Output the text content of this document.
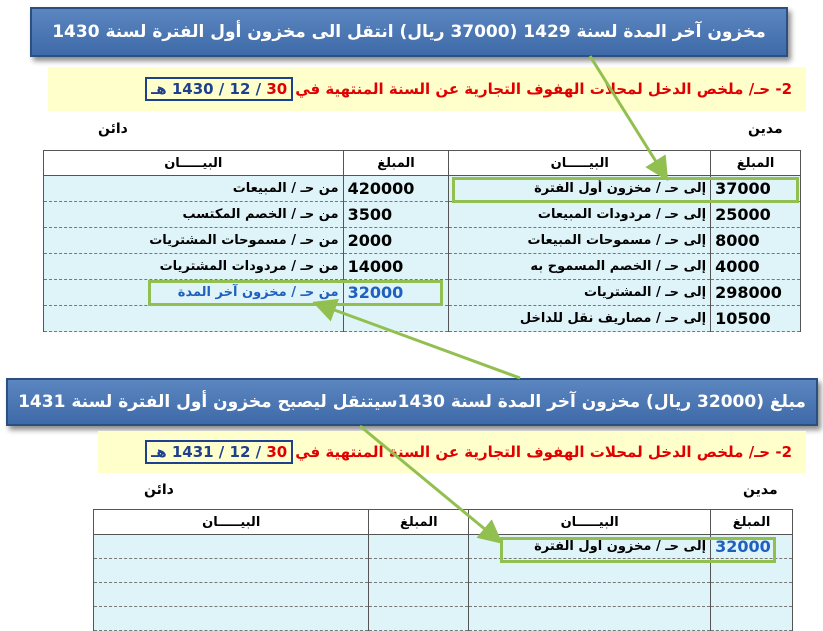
مخزون آخر المدة لسنة 1429 (37000 ريال) انتقل الى مخزون أول الفترة لسنة 1430
2- حـ/ ملخص الدخل لمحلات الهفوف التجارية عن السنة المنتهية في
30 / 12 / 1430 هـ
مدين
دائن
المبلغ	البيـــــان	المبلغ	البيـــــان
37000	إلى حـ / مخزون أول الفترة	420000	من حـ / المبيعات
25000	إلى حـ / مردودات المبيعات	3500	من حـ / الخصم المكتسب
8000	إلى حـ / مسموحات المبيعات	2000	من حـ / مسموحات المشتريات
4000	إلى حـ / الخصم المسموح به	14000	من حـ / مردودات المشتريات
298000	إلى حـ / المشتريات	32000	من حـ / مخزون آخر المدة
10500	إلى حـ / مصاريف نقل للداخل		
مبلغ (32000 ريال) مخزون آخر المدة لسنة 1430سيتنقل ليصبح مخزون أول الفترة لسنة 1431
2- حـ/ ملخص الدخل لمحلات الهفوف التجارية عن السنة المنتهية في
30 / 12 / 1431 هـ
مدين
دائن
المبلغ	البيـــــان	المبلغ	البيـــــان
32000	إلى حـ / مخزون أول الفترة		
